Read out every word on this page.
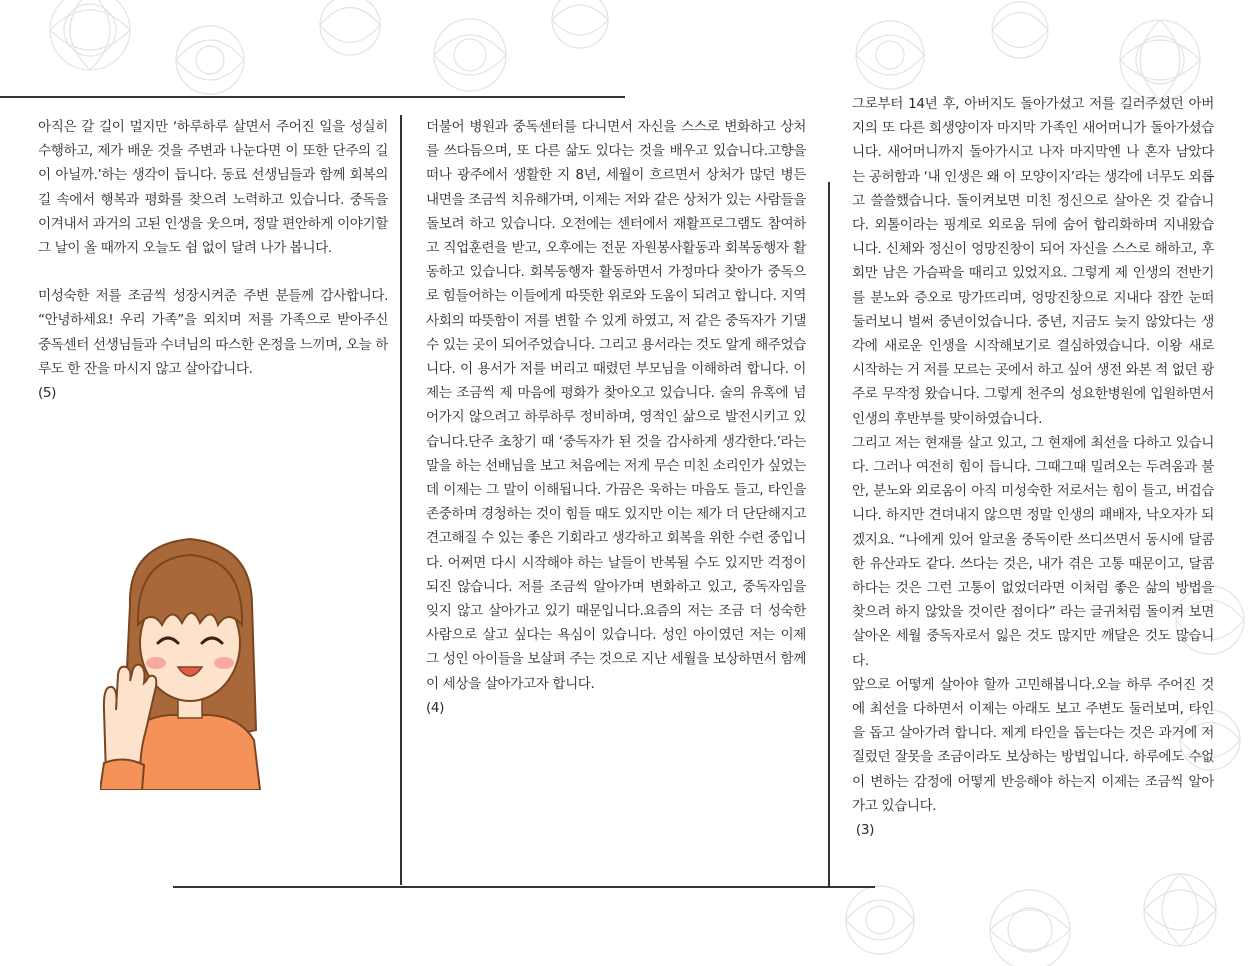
아직은 갈 길이 멀지만 ‘하루하루 살면서 주어진 일을 성실히 수행하고, 제가 배운 것을 주변과 나눈다면 이 또한 단주의 길이 아닐까.’하는 생각이 듭니다. 동료 선생님들과 함께 회복의 길 속에서 행복과 평화를 찾으려 노력하고 있습니다. 중독을 이겨내서 과거의 고된 인생을 웃으며, 정말 편안하게 이야기할 그 날이 올 때까지 오늘도 쉼 없이 달려 나가 봅니다.

미성숙한 저를 조금씩 성장시켜준 주변 분들께 감사합니다. “안녕하세요! 우리 가족”을 외치며 저를 가족으로 받아주신 중독센터 선생님들과 수녀님의 따스한 온정을 느끼며, 오늘 하루도 한 잔을 마시지 않고 살아갑니다.

(5)

더불어 병원과 중독센터를 다니면서 자신을 스스로 변화하고 상처를 쓰다듬으며, 또 다른 삶도 있다는 것을 배우고 있습니다.고향을 떠나 광주에서 생활한 지 8년, 세월이 흐르면서 상처가 많던 병든 내면을 조금씩 치유해가며, 이제는 저와 같은 상처가 있는 사람들을 돌보려 하고 있습니다. 오전에는 센터에서 재활프로그램도 참여하고 직업훈련을 받고, 오후에는 전문 자원봉사활동과 회복동행자 활동하고 있습니다. 회복동행자 활동하면서 가정마다 찾아가 중독으로 힘들어하는 이들에게 따뜻한 위로와 도움이 되려고 합니다. 지역사회의 따뜻함이 저를 변할 수 있게 하였고, 저 같은 중독자가 기댈 수 있는 곳이 되어주었습니다. 그리고 용서라는 것도 알게 해주었습니다. 이 용서가 저를 버리고 때렸던 부모님을 이해하려 합니다. 이제는 조금씩 제 마음에 평화가 찾아오고 있습니다. 술의 유혹에 넘어가지 않으려고 하루하루 정비하며, 영적인 삶으로 발전시키고 있습니다.단주 초창기 때 ‘중독자가 된 것을 감사하게 생각한다.’라는 말을 하는 선배님을 보고 처음에는 저게 무슨 미친 소리인가 싶었는데 이제는 그 말이 이해됩니다. 가끔은 욱하는 마음도 들고, 타인을 존중하며 경청하는 것이 힘들 때도 있지만 이는 제가 더 단단해지고 견고해질 수 있는 좋은 기회라고 생각하고 회복을 위한 수련 중입니다. 어쩌면 다시 시작해야 하는 날들이 반복될 수도 있지만 걱정이 되진 않습니다. 저를 조금씩 알아가며 변화하고 있고, 중독자임을 잊지 않고 살아가고 있기 때문입니다.요즘의 저는 조금 더 성숙한 사람으로 살고 싶다는 욕심이 있습니다. 성인 아이였던 저는 이제 그 성인 아이들을 보살펴 주는 것으로 지난 세월을 보상하면서 함께 이 세상을 살아가고자 합니다.

(4)

그로부터 14년 후, 아버지도 돌아가셨고 저를 길러주셨던 아버지의 또 다른 희생양이자 마지막 가족인 새어머니가 돌아가셨습니다. 새어머니까지 돌아가시고 나자 마지막엔 나 혼자 남았다는 공허함과 ‘내 인생은 왜 이 모양이지’라는 생각에 너무도 외롭고 쓸쓸했습니다. 돌이켜보면 미친 정신으로 살아온 것 같습니다. 외톨이라는 핑계로 외로움 뒤에 숨어 합리화하며 지내왔습니다. 신체와 정신이 엉망진창이 되어 자신을 스스로 해하고, 후회만 남은 가슴팍을 때리고 있었지요. 그렇게 제 인생의 전반기를 분노와 증오로 망가뜨리며, 엉망진창으로 지내다 잠깐 눈떠 둘러보니 벌써 중년이었습니다. 중년, 지금도 늦지 않았다는 생각에 새로운 인생을 시작해보기로 결심하였습니다. 이왕 새로 시작하는 거 저를 모르는 곳에서 하고 싶어 생전 와본 적 없던 광주로 무작정 왔습니다. 그렇게 천주의 성요한병원에 입원하면서 인생의 후반부를 맞이하였습니다.

그리고 저는 현재를 살고 있고, 그 현재에 최선을 다하고 있습니다. 그러나 여전히 힘이 듭니다. 그때그때 밀려오는 두려움과 불안, 분노와 외로움이 아직 미성숙한 저로서는 힘이 들고, 버겁습니다. 하지만 견뎌내지 않으면 정말 인생의 패배자, 낙오자가 되겠지요. “나에게 있어 알코올 중독이란 쓰디쓰면서 동시에 달콤한 유산과도 같다. 쓰다는 것은, 내가 겪은 고통 때문이고, 달콤하다는 것은 그런 고통이 없었더라면 이처럼 좋은 삶의 방법을 찾으려 하지 않았을 것이란 점이다” 라는 글귀처럼 돌이켜 보면 살아온 세월 중독자로서 잃은 것도 많지만 깨달은 것도 많습니다.

앞으로 어떻게 살아야 할까 고민해봅니다.오늘 하루 주어진 것에 최선을 다하면서 이제는 아래도 보고 주변도 둘러보며, 타인을 돕고 살아가려 합니다. 제게 타인을 돕는다는 것은 과거에 저질렀던 잘못을 조금이라도 보상하는 방법입니다. 하루에도 수없이 변하는 감정에 어떻게 반응해야 하는지 이제는 조금씩 알아가고 있습니다.

(3)
